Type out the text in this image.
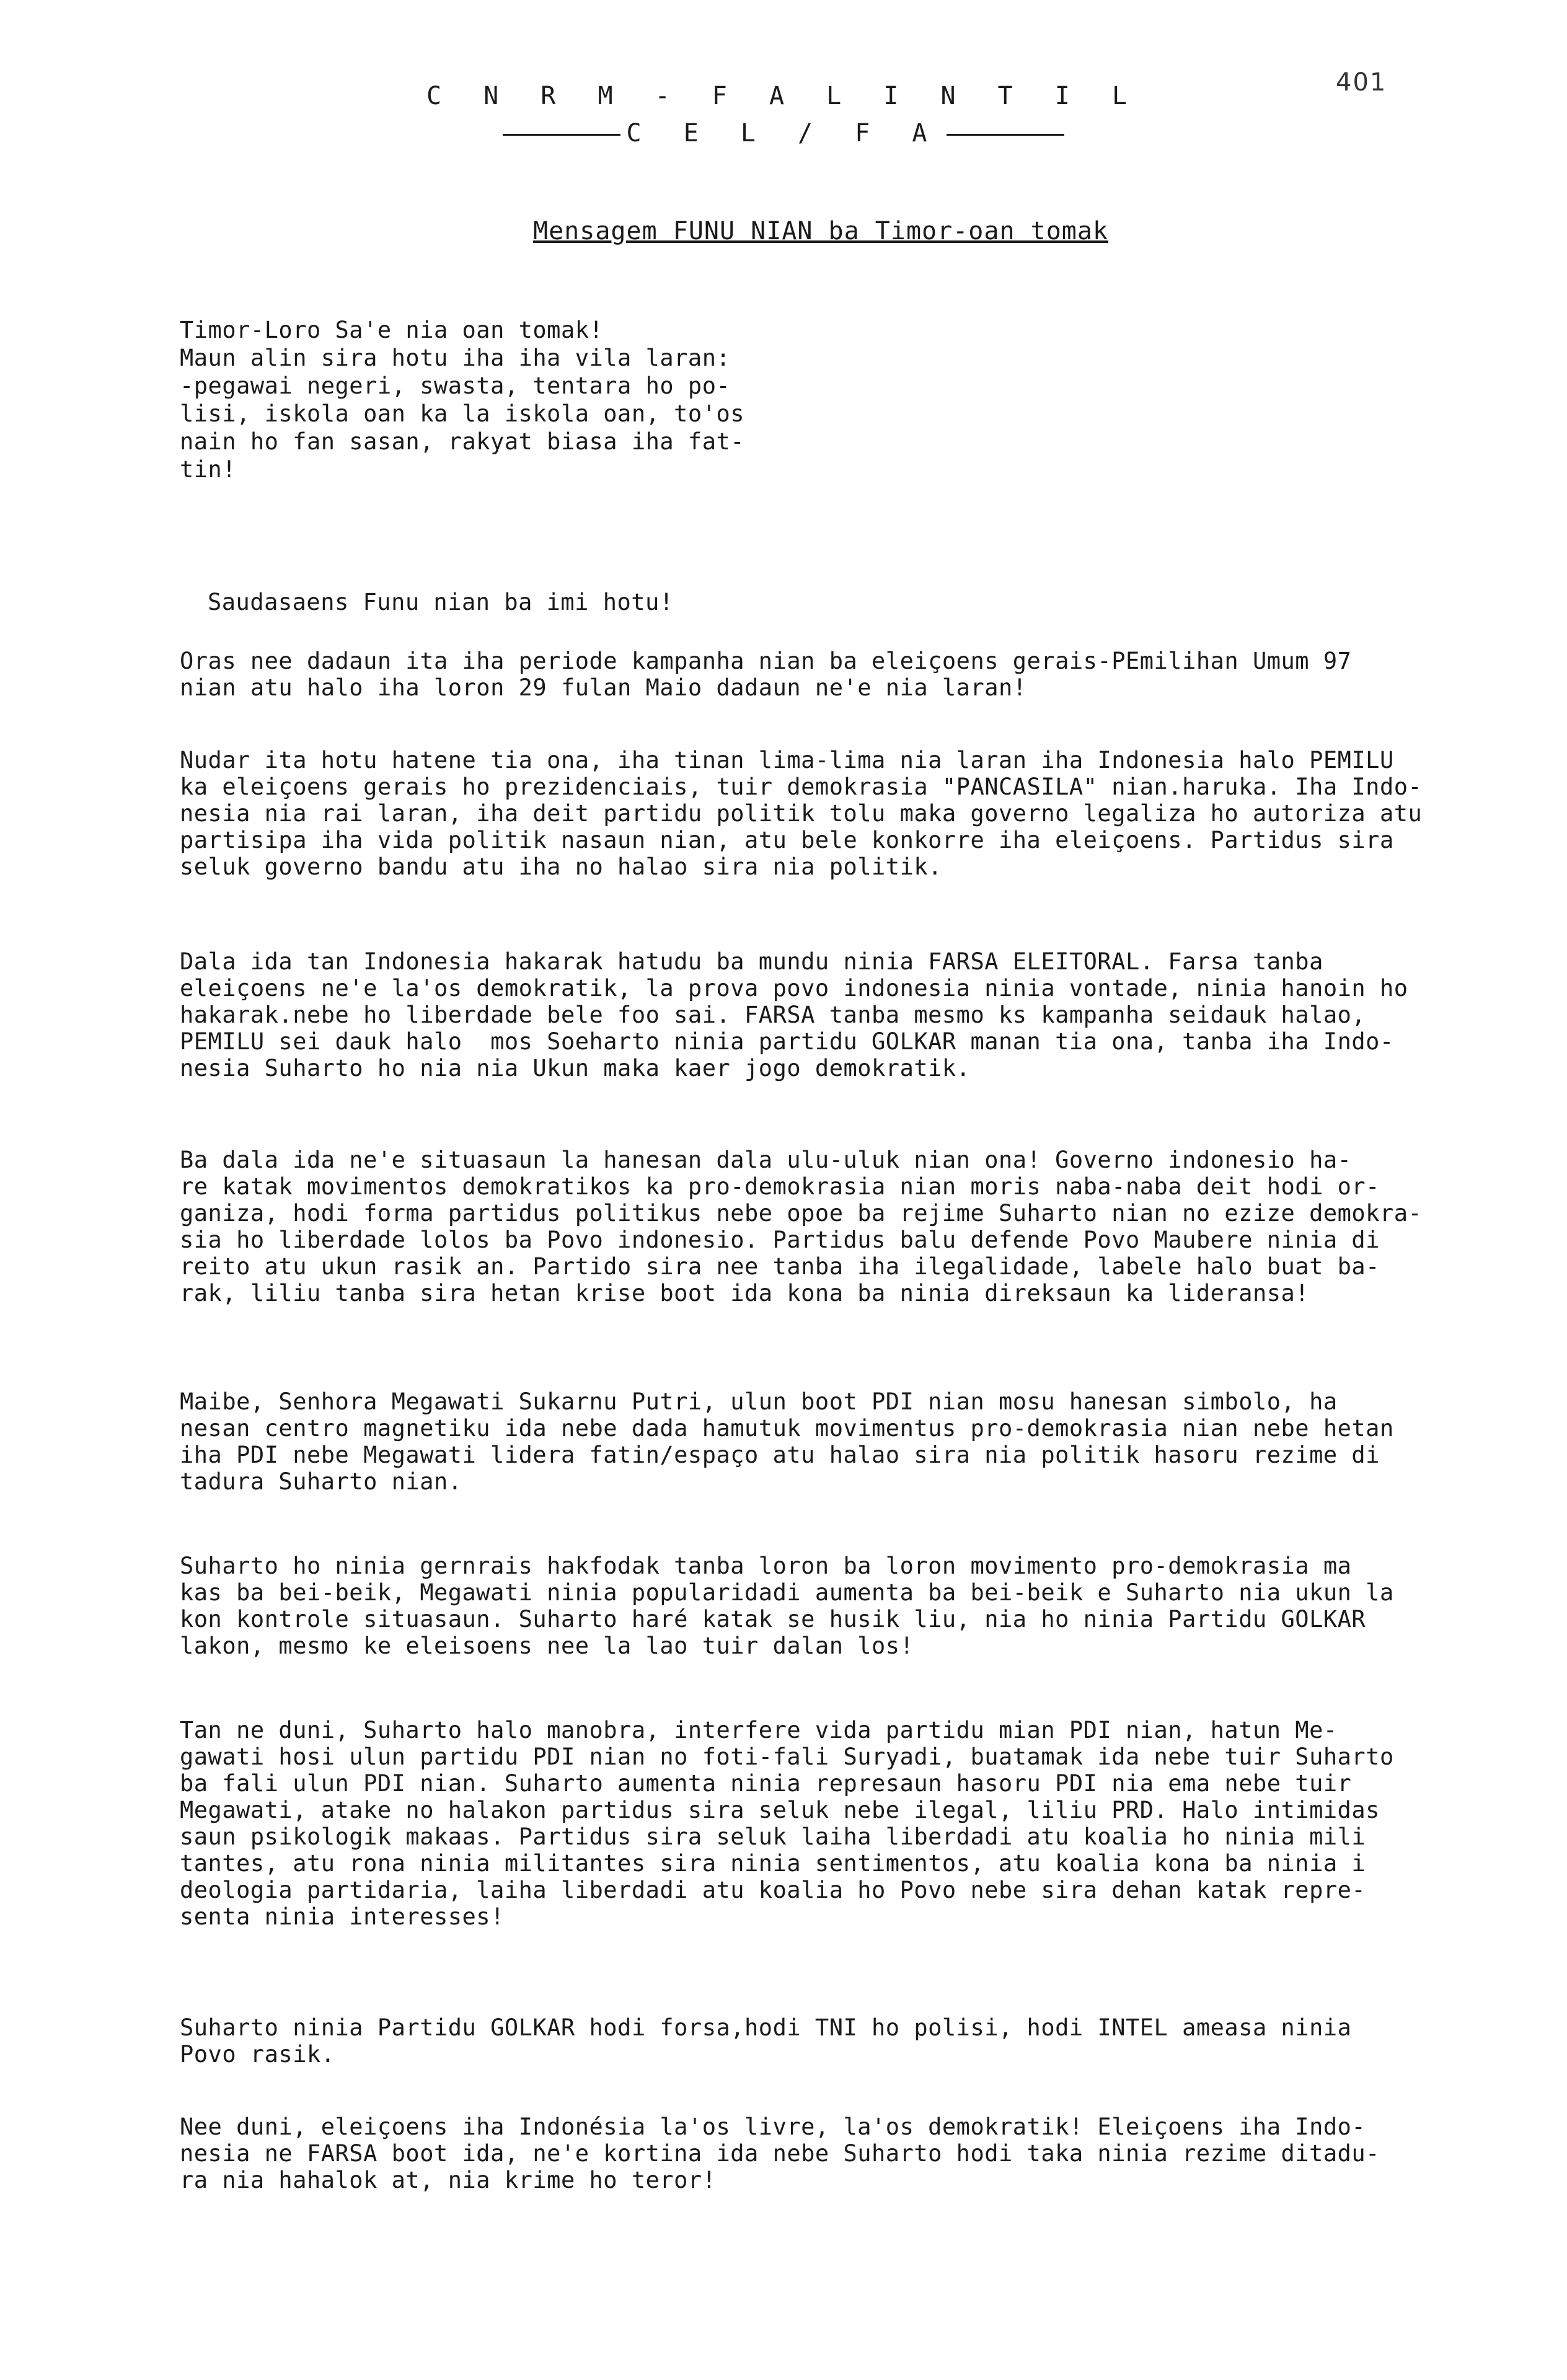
C N R M - F A L I N T I L
C E L / F A
401
Mensagem FUNU NIAN ba Timor-oan tomak
Timor-Loro Sa'e nia oan tomak!
Maun alin sira hotu iha iha vila laran:
-pegawai negeri, swasta, tentara ho po-
lisi, iskola oan ka la iskola oan, to'os
nain ho fan sasan, rakyat biasa iha fat-
tin!
Saudasaens Funu nian ba imi hotu!
Oras nee dadaun ita iha periode kampanha nian ba eleiçoens gerais-PEmilihan Umum 97
nian atu halo iha loron 29 fulan Maio dadaun ne'e nia laran!
Nudar ita hotu hatene tia ona, iha tinan lima-lima nia laran iha Indonesia halo PEMILU
ka eleiçoens gerais ho prezidenciais, tuir demokrasia "PANCASILA" nian.haruka. Iha Indo-
nesia nia rai laran, iha deit partidu politik tolu maka governo legaliza ho autoriza atu
partisipa iha vida politik nasaun nian, atu bele konkorre iha eleiçoens. Partidus sira
seluk governo bandu atu iha no halao sira nia politik.
Dala ida tan Indonesia hakarak hatudu ba mundu ninia FARSA ELEITORAL. Farsa tanba
eleiçoens ne'e la'os demokratik, la prova povo indonesia ninia vontade, ninia hanoin ho
hakarak.nebe ho liberdade bele foo sai. FARSA tanba mesmo ks kampanha seidauk halao,
PEMILU sei dauk halo  mos Soeharto ninia partidu GOLKAR manan tia ona, tanba iha Indo-
nesia Suharto ho nia nia Ukun maka kaer jogo demokratik.
Ba dala ida ne'e situasaun la hanesan dala ulu-uluk nian ona! Governo indonesio ha-
re katak movimentos demokratikos ka pro-demokrasia nian moris naba-naba deit hodi or-
ganiza, hodi forma partidus politikus nebe opoe ba rejime Suharto nian no ezize demokra-
sia ho liberdade lolos ba Povo indonesio. Partidus balu defende Povo Maubere ninia di
reito atu ukun rasik an. Partido sira nee tanba iha ilegalidade, labele halo buat ba-
rak, liliu tanba sira hetan krise boot ida kona ba ninia direksaun ka lideransa!
Maibe, Senhora Megawati Sukarnu Putri, ulun boot PDI nian mosu hanesan simbolo, ha
nesan centro magnetiku ida nebe dada hamutuk movimentus pro-demokrasia nian nebe hetan
iha PDI nebe Megawati lidera fatin/espaço atu halao sira nia politik hasoru rezime di
tadura Suharto nian.
Suharto ho ninia gernrais hakfodak tanba loron ba loron movimento pro-demokrasia ma
kas ba bei-beik, Megawati ninia popularidadi aumenta ba bei-beik e Suharto nia ukun la
kon kontrole situasaun. Suharto haré katak se husik liu, nia ho ninia Partidu GOLKAR
lakon, mesmo ke eleisoens nee la lao tuir dalan los!
Tan ne duni, Suharto halo manobra, interfere vida partidu mian PDI nian, hatun Me-
gawati hosi ulun partidu PDI nian no foti-fali Suryadi, buatamak ida nebe tuir Suharto
ba fali ulun PDI nian. Suharto aumenta ninia represaun hasoru PDI nia ema nebe tuir
Megawati, atake no halakon partidus sira seluk nebe ilegal, liliu PRD. Halo intimidas
saun psikologik makaas. Partidus sira seluk laiha liberdadi atu koalia ho ninia mili
tantes, atu rona ninia militantes sira ninia sentimentos, atu koalia kona ba ninia i
deologia partidaria, laiha liberdadi atu koalia ho Povo nebe sira dehan katak repre-
senta ninia interesses!
Suharto ninia Partidu GOLKAR hodi forsa,hodi TNI ho polisi, hodi INTEL ameasa ninia
Povo rasik.
Nee duni, eleiçoens iha Indonésia la'os livre, la'os demokratik! Eleiçoens iha Indo-
nesia ne FARSA boot ida, ne'e kortina ida nebe Suharto hodi taka ninia rezime ditadu-
ra nia hahalok at, nia krime ho teror!
